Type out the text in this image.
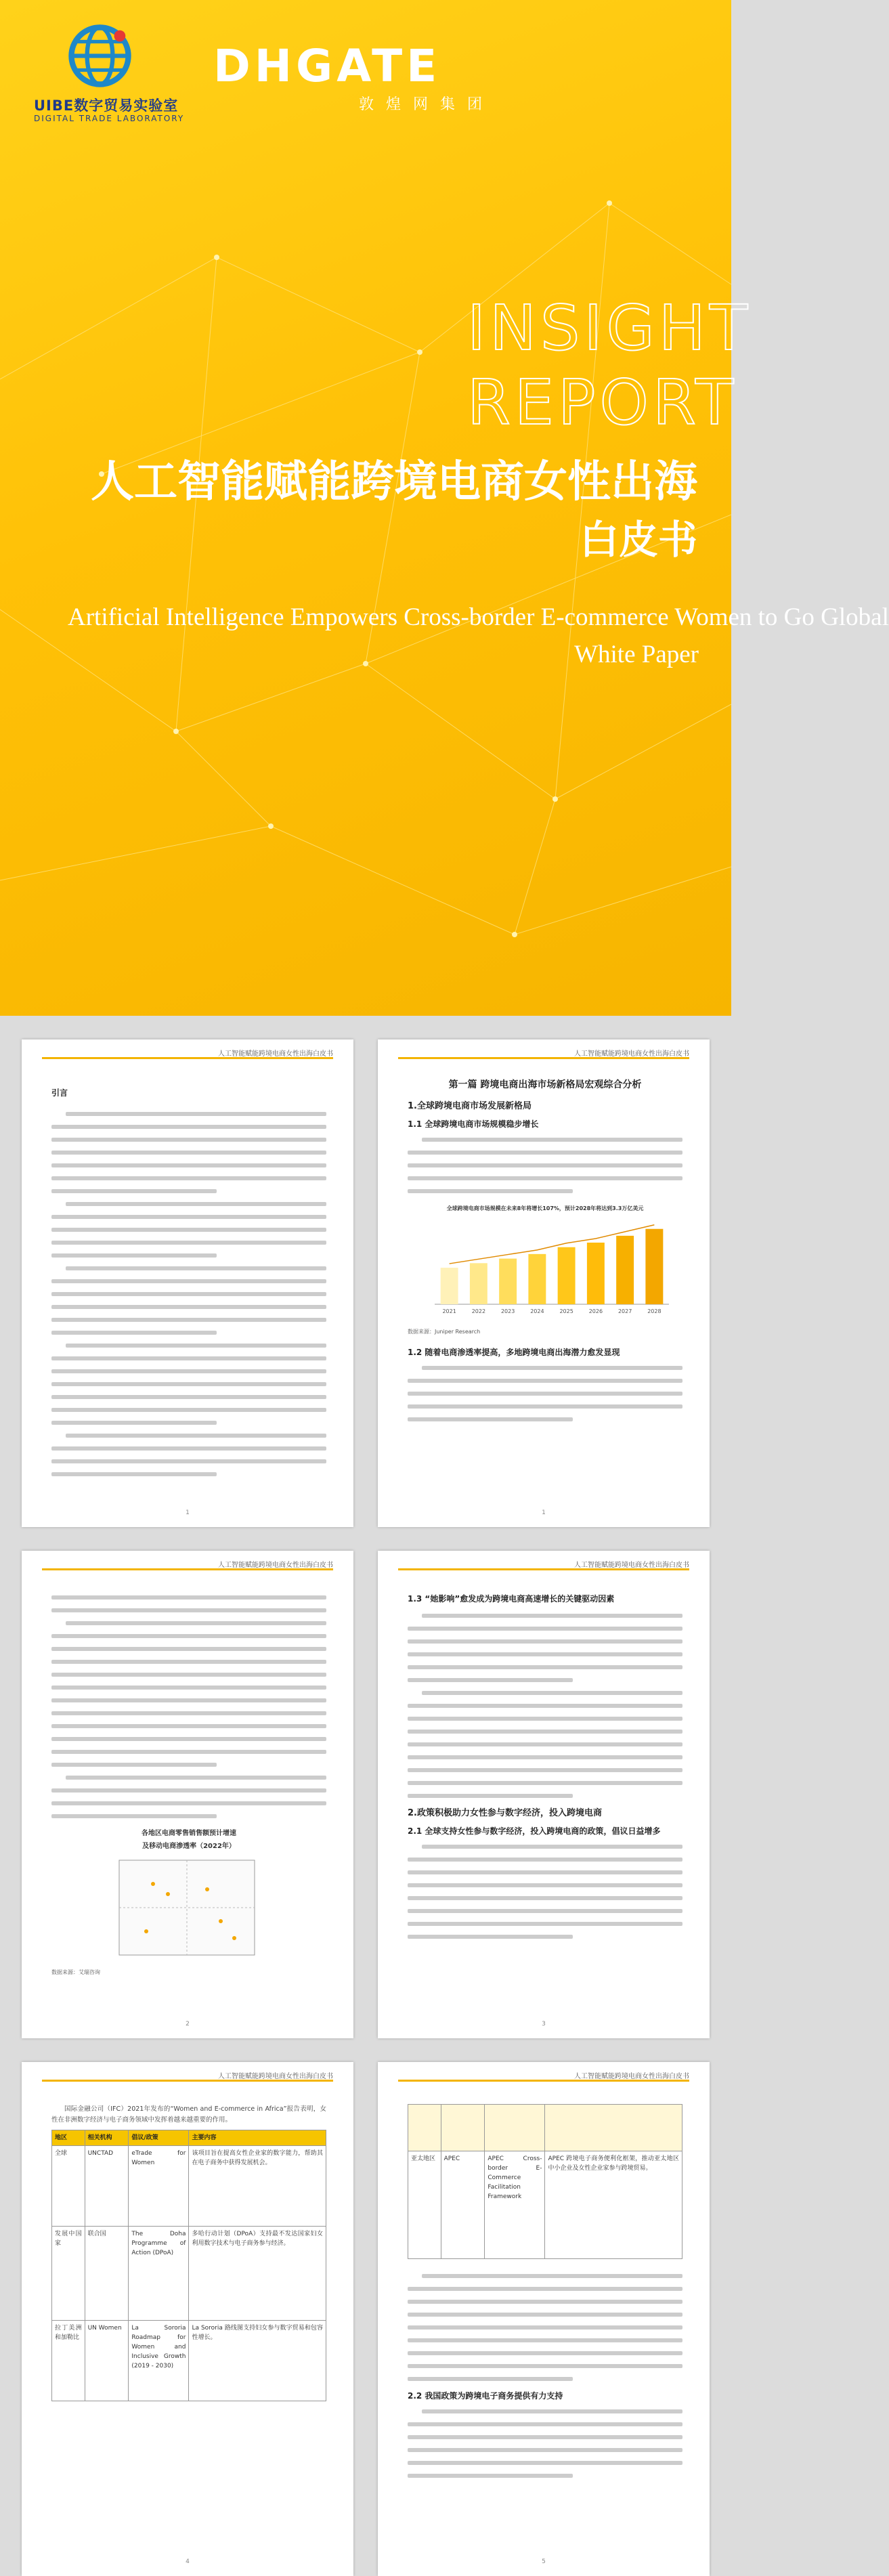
UIBE数字贸易实验室
DIGITAL TRADE LABORATORY
DHGATE
敦煌网集团
INSIGHT
REPORT
人工智能赋能跨境电商女性出海
白皮书
Artificial Intelligence Empowers Cross-border E-commerce Women to Go Global
White Paper
人工智能赋能跨境电商女性出海白皮书
引言
1
人工智能赋能跨境电商女性出海白皮书
第一篇 跨境电商出海市场新格局宏观综合分析
1.全球跨境电商市场发展新格局
1.1 全球跨境电商市场规模稳步增长
全球跨境电商市场规模在未来8年将增长107%，预计2028年将达到3.3万亿美元
2021	2022	2023	2024	2025	2026	2027	2028
数据来源：Juniper Research
1.2 随着电商渗透率提高，多地跨境电商出海潜力愈发显现
1
人工智能赋能跨境电商女性出海白皮书
各地区电商零售销售额预计增速
及移动电商渗透率（2022年）
数据来源：艾瑞咨询
2
人工智能赋能跨境电商女性出海白皮书
1.3 “她影响”愈发成为跨境电商高速增长的关键驱动因素
2.政策积极助力女性参与数字经济，投入跨境电商
2.1 全球支持女性参与数字经济，投入跨境电商的政策，倡议日益增多
3
人工智能赋能跨境电商女性出海白皮书

国际金融公司（IFC）2021年发布的“Women and E-commerce in Africa”报告表明，女性在非洲数字经济与电子商务领域中发挥着越来越重要的作用。

地区	相关机构	倡议/政策	主要内容
全球	UNCTAD	eTrade for Women	该项目旨在提高女性企业家的数字能力，帮助其在电子商务中获得发展机会。
发展中国家	联合国	The Doha Programme of Action (DPoA)	多哈行动计划（DPoA）支持最不发达国家妇女利用数字技术与电子商务参与经济。
拉丁美洲和加勒比	UN Women	La Sororia Roadmap for Women and Inclusive Growth (2019 - 2030)	La Sororia 路线图支持妇女参与数字贸易和包容性增长。
4
人工智能赋能跨境电商女性出海白皮书

亚太地区	APEC	APEC Cross-border E-Commerce Facilitation Framework	APEC 跨境电子商务便利化框架，推动亚太地区中小企业及女性企业家参与跨境贸易。
2.2 我国政策为跨境电子商务提供有力支持
5
